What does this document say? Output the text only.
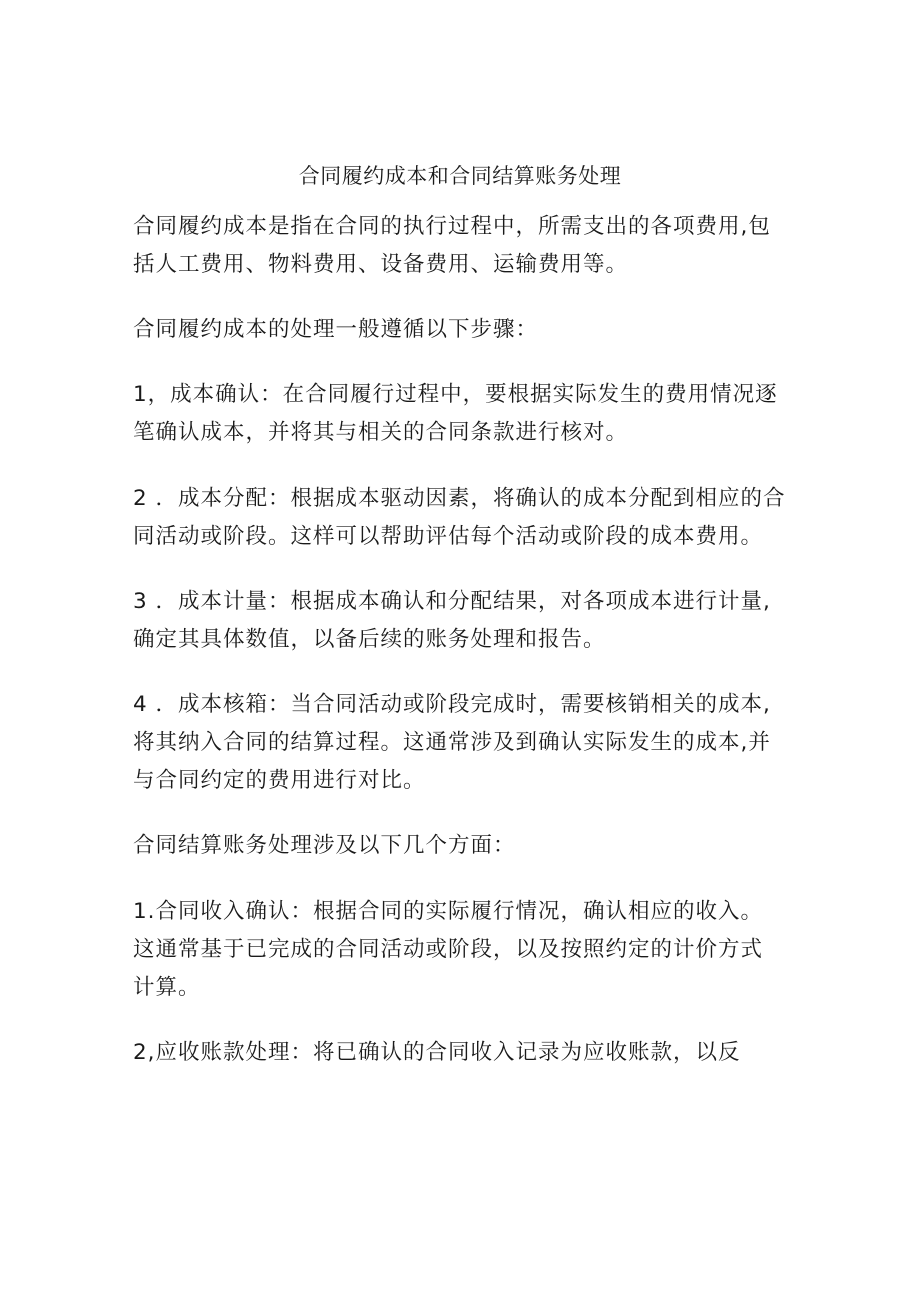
合同履约成本和合同结算账务处理

合同履约成本是指在合同的执行过程中，所需支出的各项费用,包
括人工费用、物料费用、设备费用、运输费用等。

合同履约成本的处理一般遵循以下步骤：

1，成本确认：在合同履行过程中，要根据实际发生的费用情况逐
笔确认成本，并将其与相关的合同条款进行核对。

2 ．成本分配：根据成本驱动因素，将确认的成本分配到相应的合
同活动或阶段。这样可以帮助评估每个活动或阶段的成本费用。

3 ．成本计量：根据成本确认和分配结果，对各项成本进行计量,
确定其具体数值，以备后续的账务处理和报告。

4 ．成本核箱：当合同活动或阶段完成时，需要核销相关的成本,
将其纳入合同的结算过程。这通常涉及到确认实际发生的成本,并
与合同约定的费用进行对比。

合同结算账务处理涉及以下几个方面：

1.合同收入确认：根据合同的实际履行情况，确认相应的收入。
这通常基于已完成的合同活动或阶段，以及按照约定的计价方式
计算。

2,应收账款处理：将已确认的合同收入记录为应收账款，以反
